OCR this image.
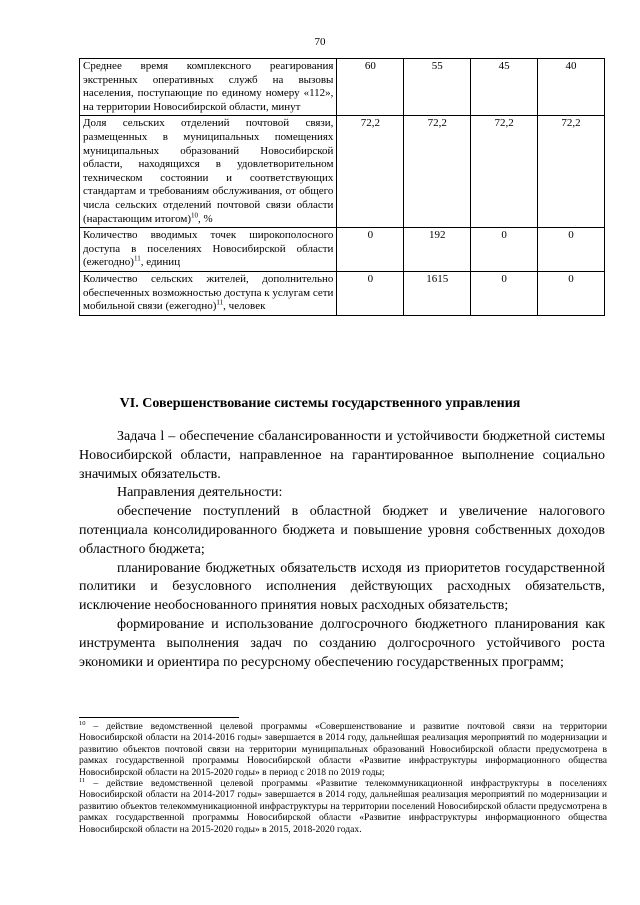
70
Среднее время комплексного реагирования экстренных оперативных служб на вызовы населения, поступающие по единому номеру «112», на территории Новосибирской области, минут	60	55	45	40
Доля сельских отделений почтовой связи, размещенных в муниципальных помещениях муниципальных образований Новосибирской области, находящихся в удовлетворительном техническом состоянии и соответствующих стандартам и требованиям обслуживания, от общего числа сельских отделений почтовой связи области (нарастающим итогом)$^{10}$, %	72,2	72,2	72,2	72,2
Количество вводимых точек широкополосного доступа в поселениях Новосибирской области (ежегодно)$^{11}$, единиц	0	192	0	0
Количество сельских жителей, дополнительно обеспеченных возможностью доступа к услугам сети мобильной связи (ежегодно)$^{11}$, человек	0	1615	0	0
VI. Совершенствование системы государственного управления

Задача l – обеспечение сбалансированности и устойчивости бюджетной системы Новосибирской области, направленное на гарантированное выполнение социально значимых обязательств.

Направления деятельности:

обеспечение поступлений в областной бюджет и увеличение налогового потенциала консолидированного бюджета и повышение уровня собственных доходов областного бюджета;

планирование бюджетных обязательств исходя из приоритетов государственной политики и безусловного исполнения действующих расходных обязательств, исключение необоснованного принятия новых расходных обязательств;

формирование и использование долгосрочного бюджетного планирования как инструмента выполнения задач по созданию долгосрочного устойчивого роста экономики и ориентира по ресурсному обеспечению государственных программ;

$^{10}$ – действие ведомственной целевой программы «Совершенствование и развитие почтовой связи на территории Новосибирской области на 2014-2016 годы» завершается в 2014 году, дальнейшая реализация мероприятий по модернизации и развитию объектов почтовой связи на территории муниципальных образований Новосибирской области предусмотрена в рамках государственной программы Новосибирской области «Развитие инфраструктуры информационного общества Новосибирской области на 2015-2020 годы» в период с 2018 по 2019 годы;

$^{11}$ – действие ведомственной целевой программы «Развитие телекоммуникационной инфраструктуры в поселениях Новосибирской области на 2014-2017 годы» завершается в 2014 году, дальнейшая реализация мероприятий по модернизации и развитию объектов телекоммуникационной инфраструктуры на территории поселений Новосибирской области предусмотрена в рамках государственной программы Новосибирской области «Развитие инфраструктуры информационного общества Новосибирской области на 2015-2020 годы» в 2015, 2018-2020 годах.
